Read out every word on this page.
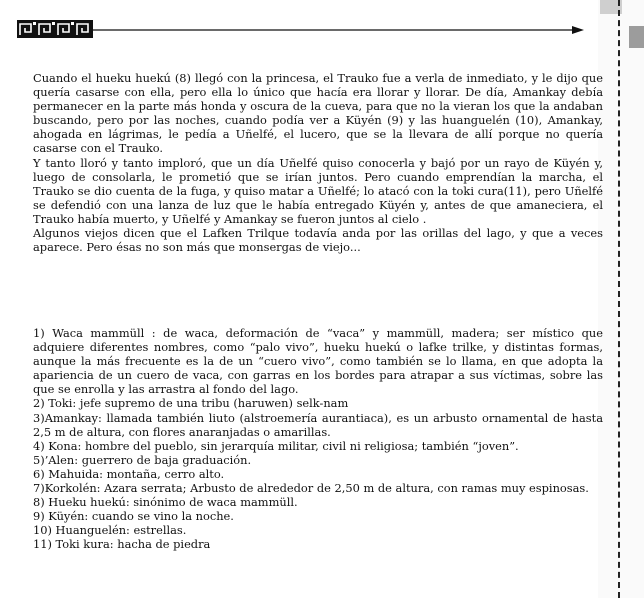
Cuando el hueku huekú (8) llegó con la princesa, el Trauko fue a verla de inmediato, y le dijo que quería casarse con ella, pero ella lo único que hacía era llorar y llorar. De día, Amankay debía permanecer en la parte más honda y oscura de la cueva, para que no la vieran los que la andaban buscando, pero por las noches, cuando podía ver a Küyén (9) y las huanguelén (10), Amankay, ahogada en lágrimas, le pedía a Uñelfé, el lucero, que se la llevara de allí porque no quería casarse con el Trauko.

Y tanto lloró y tanto imploró, que un día Uñelfé quiso conocerla y bajó por un rayo de Küyén y, luego de consolarla, le prometió que se irían juntos. Pero cuando emprendían la marcha, el Trauko se dio cuenta de la fuga, y quiso matar a Uñelfé; lo atacó con la toki cura(11), pero Uñelfé se defendió con una lanza de luz que le había entregado Küyén y, antes de que amaneciera, el Trauko había muerto, y Uñelfé y Amankay se fueron juntos al cielo .

Algunos viejos dicen que el Lafken Trilque todavía anda por las orillas del lago, y que a veces aparece. Pero ésas no son más que monsergas de viejo...

1) Waca mammüll : de waca, deformación de “vaca” y mammüll, madera; ser místico que adquiere diferentes nombres, como “palo vivo”, hueku huekú o lafke trilke, y distintas formas, aunque la más frecuente es la de un “cuero vivo”, como también se lo llama, en que adopta la apariencia de un cuero de vaca, con garras en los bordes para atrapar a sus víctimas, sobre las que se enrolla y las arrastra al fondo del lago.

2) Toki: jefe supremo de una tribu (haruwen) selk-nam

3)Amankay: llamada también liuto (alstroemería aurantiaca), es un arbusto ornamental de hasta 2,5 m de altura, con flores anaranjadas o amarillas.

4) Kona: hombre del pueblo, sin jerarquía militar, civil ni religiosa; también “joven”.

5)’Alen: guerrero de baja graduación.

6) Mahuida: montaña, cerro alto.

7)Korkolén: Azara serrata; Arbusto de alrededor de 2,50 m de altura, con ramas muy espinosas.

8) Hueku huekú: sinónimo de waca mammüll.

9) Küyén: cuando se vino la noche.

10) Huanguelén: estrellas.

11) Toki kura: hacha de piedra
